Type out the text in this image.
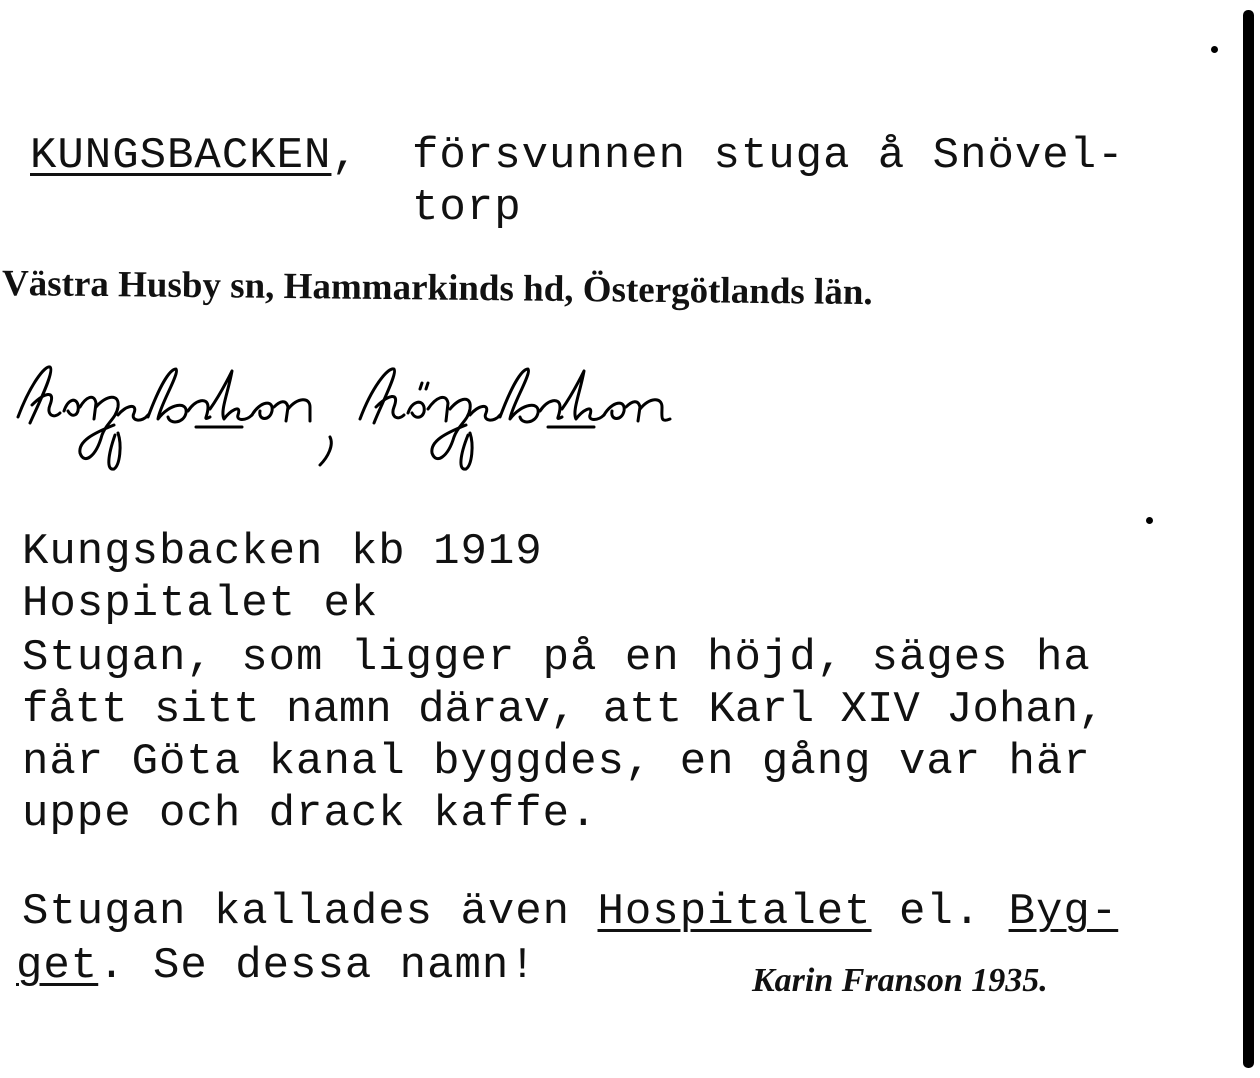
KUNGSBACKEN, försvunnen stuga å Snövel-
torp
Västra Husby sn, Hammarkinds hd, Östergötlands län.
Kungsbacken kb 1919
Hospitalet ek
Stugan, som ligger på en höjd, säges ha
fått sitt namn därav, att Karl XIV Johan,
när Göta kanal byggdes, en gång var här
uppe och drack kaffe.
Stugan kallades även Hospitalet el. Byg-
get. Se dessa namn!	Karin Franson 1935.
